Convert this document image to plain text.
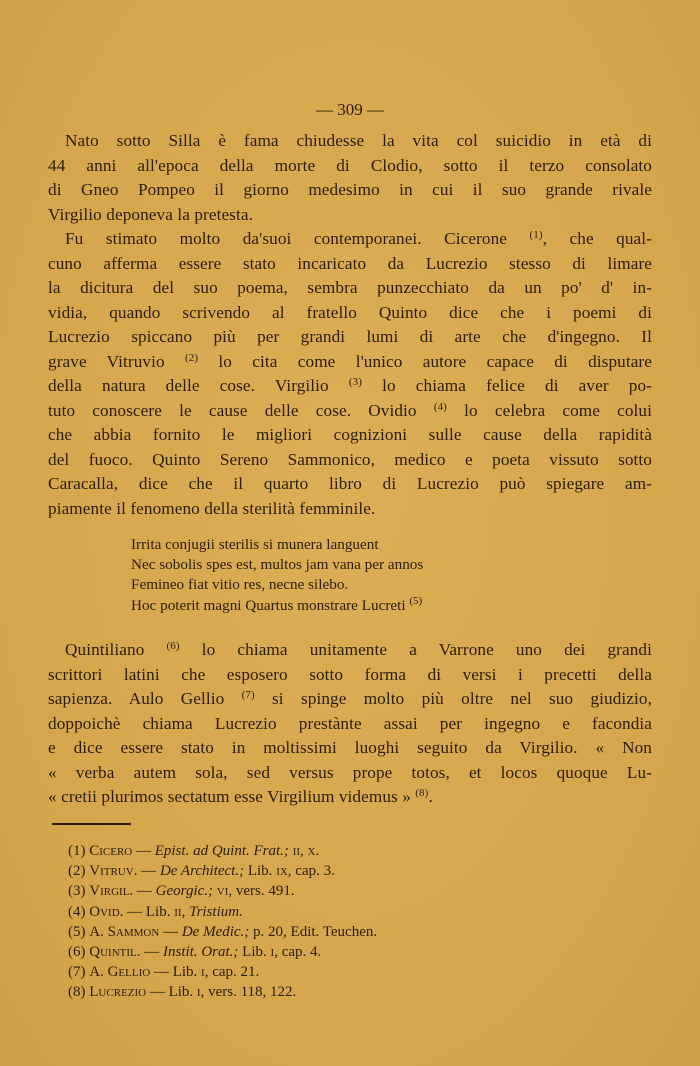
— 309 —
Nato sotto Silla è fama chiudesse la vita col suicidio in età di
44 anni all'epoca della morte di Clodio, sotto il terzo consolato
di Gneo Pompeo il giorno medesimo in cui il suo grande rivale
Virgilio deponeva la pretesta.
Fu stimato molto da'suoi contemporanei. Cicerone $^{(1)}$, che qual-
cuno afferma essere stato incaricato da Lucrezio stesso di limare
la dicitura del suo poema, sembra punzecchiato da un po' d' in-
vidia, quando scrivendo al fratello Quinto dice che i poemi di
Lucrezio spiccano più per grandi lumi di arte che d'ingegno. Il
grave Vitruvio $^{(2)}$ lo cita come l'unico autore capace di disputare
della natura delle cose. Virgilio $^{(3)}$ lo chiama felice di aver po-
tuto conoscere le cause delle cose. Ovidio $^{(4)}$ lo celebra come colui
che abbia fornito le migliori cognizioni sulle cause della rapidità
del fuoco. Quinto Sereno Sammonico, medico e poeta vissuto sotto
Caracalla, dice che il quarto libro di Lucrezio può spiegare am-
piamente il fenomeno della sterilità femminile.
Irrita conjugii sterilis si munera languent
Nec sobolis spes est, multos jam vana per annos
Femineo fiat vitio res, necne silebo.
Hoc poterit magni Quartus monstrare Lucreti $^{(5)}$
Quintiliano $^{(6)}$ lo chiama unitamente a Varrone uno dei grandi
scrittori latini che esposero sotto forma di versi i precetti della
sapienza. Aulo Gellio $^{(7)}$ si spinge molto più oltre nel suo giudizio,
doppoichè chiama Lucrezio prestànte assai per ingegno e facondia
e dice essere stato in moltissimi luoghi seguito da Virgilio. « Non
« verba autem sola, sed versus prope totos, et locos quoque Lu-
« cretii plurimos sectatum esse Virgilium videmus » $^{(8)}$.
(1) Cicero — Epist. ad Quint. Frat.; ii, x.
(2) Vitruv. — De Architect.; Lib. ix, cap. 3.
(3) Virgil. — Georgic.; vi, vers. 491.
(4) Ovid. — Lib. ii, Tristium.
(5) A. Sammon — De Medic.; p. 20, Edit. Teuchen.
(6) Quintil. — Instit. Orat.; Lib. i, cap. 4.
(7) A. Gellio — Lib. i, cap. 21.
(8) Lucrezio — Lib. i, vers. 118, 122.
